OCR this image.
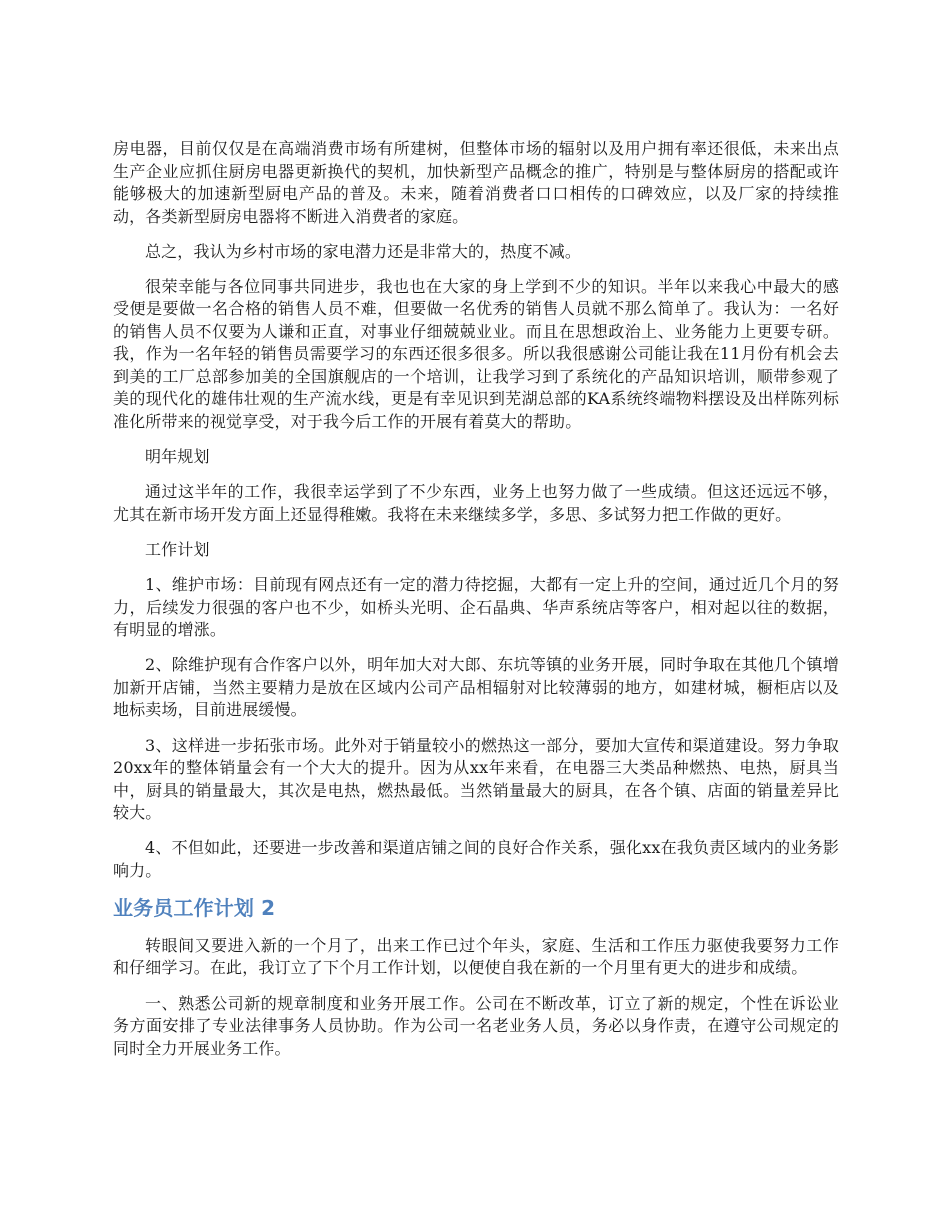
房电器，目前仅仅是在高端消费市场有所建树，但整体市场的辐射以及用户拥有率还很低，未来出点生产企业应抓住厨房电器更新换代的契机，加快新型产品概念的推广，特别是与整体厨房的搭配或许能够极大的加速新型厨电产品的普及。未来，随着消费者口口相传的口碑效应，以及厂家的持续推动，各类新型厨房电器将不断进入消费者的家庭。

总之，我认为乡村市场的家电潜力还是非常大的，热度不减。

很荣幸能与各位同事共同进步，我也也在大家的身上学到不少的知识。半年以来我心中最大的感受便是要做一名合格的销售人员不难，但要做一名优秀的销售人员就不那么简单了。我认为：一名好的销售人员不仅要为人谦和正直，对事业仔细兢兢业业。而且在思想政治上、业务能力上更要专研。我，作为一名年轻的销售员需要学习的东西还很多很多。所以我很感谢公司能让我在11月份有机会去到美的工厂总部参加美的全国旗舰店的一个培训，让我学习到了系统化的产品知识培训，顺带参观了美的现代化的雄伟壮观的生产流水线，更是有幸见识到芜湖总部的KA系统终端物料摆设及出样陈列标准化所带来的视觉享受，对于我今后工作的开展有着莫大的帮助。

明年规划

通过这半年的工作，我很幸运学到了不少东西，业务上也努力做了一些成绩。但这还远远不够，尤其在新市场开发方面上还显得稚嫩。我将在未来继续多学，多思、多试努力把工作做的更好。

工作计划

1、维护市场：目前现有网点还有一定的潜力待挖掘，大都有一定上升的空间，通过近几个月的努力，后续发力很强的客户也不少，如桥头光明、企石晶典、华声系统店等客户，相对起以往的数据，有明显的增涨。

2、除维护现有合作客户以外，明年加大对大郎、东坑等镇的业务开展，同时争取在其他几个镇增加新开店铺，当然主要精力是放在区域内公司产品相辐射对比较薄弱的地方，如建材城，橱柜店以及地标卖场，目前进展缓慢。

3、这样进一步拓张市场。此外对于销量较小的燃热这一部分，要加大宣传和渠道建设。努力争取20xx年的整体销量会有一个大大的提升。因为从xx年来看，在电器三大类品种燃热、电热，厨具当中，厨具的销量最大，其次是电热，燃热最低。当然销量最大的厨具，在各个镇、店面的销量差异比较大。

4、不但如此，还要进一步改善和渠道店铺之间的良好合作关系，强化xx在我负责区域内的业务影响力。

业务员工作计划 2

转眼间又要进入新的一个月了，出来工作已过个年头，家庭、生活和工作压力驱使我要努力工作和仔细学习。在此，我订立了下个月工作计划，以便使自我在新的一个月里有更大的进步和成绩。

一、熟悉公司新的规章制度和业务开展工作。公司在不断改革，订立了新的规定，个性在诉讼业务方面安排了专业法律事务人员协助。作为公司一名老业务人员，务必以身作责，在遵守公司规定的同时全力开展业务工作。
